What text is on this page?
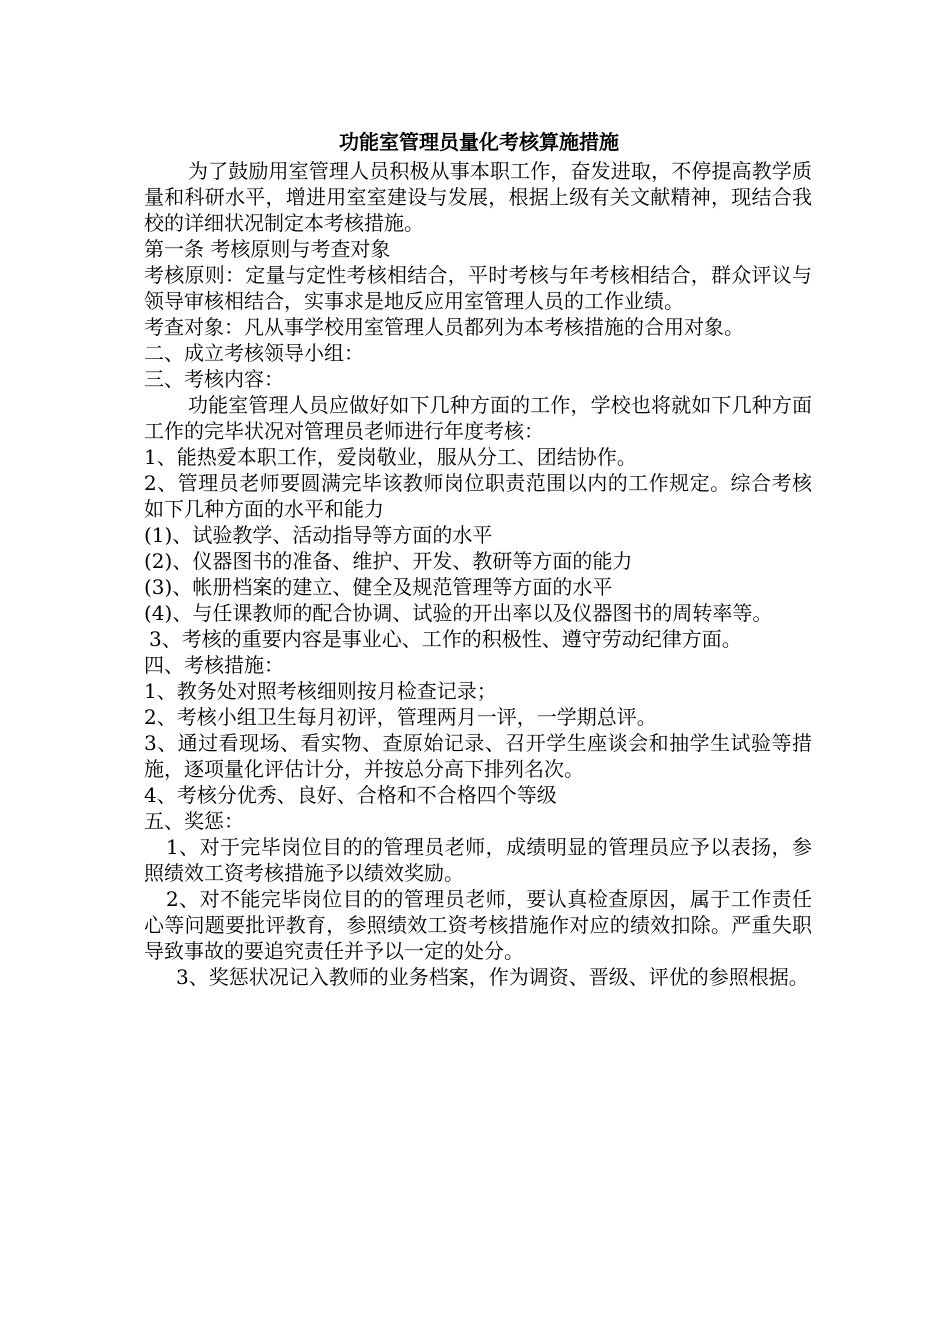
功能室管理员量化考核算施措施

为了鼓励用室管理人员积极从事本职工作，奋发进取，不停提高教学质量和科研水平，增进用室室建设与发展，根据上级有关文献精神，现结合我校的详细状况制定本考核措施。

第一条 考核原则与考查对象

考核原则：定量与定性考核相结合，平时考核与年考核相结合，群众评议与领导审核相结合，实事求是地反应用室管理人员的工作业绩。

考查对象：凡从事学校用室管理人员都列为本考核措施的合用对象。

二、成立考核领导小组：

三、考核内容：

功能室管理人员应做好如下几种方面的工作，学校也将就如下几种方面工作的完毕状况对管理员老师进行年度考核：

1、能热爱本职工作，爱岗敬业，服从分工、团结协作。

2、管理员老师要圆满完毕该教师岗位职责范围以内的工作规定。综合考核如下几种方面的水平和能力

(1)、试验教学、活动指导等方面的水平

(2)、仪器图书的准备、维护、开发、教研等方面的能力

(3)、帐册档案的建立、健全及规范管理等方面的水平

(4)、与任课教师的配合协调、试验的开出率以及仪器图书的周转率等。

3、考核的重要内容是事业心、工作的积极性、遵守劳动纪律方面。

四、考核措施：

1、教务处对照考核细则按月检查记录；

2、考核小组卫生每月初评，管理两月一评，一学期总评。

3、通过看现场、看实物、查原始记录、召开学生座谈会和抽学生试验等措施，逐项量化评估计分，并按总分高下排列名次。

4、考核分优秀、良好、合格和不合格四个等级

五、奖惩：

1、对于完毕岗位目的的管理员老师，成绩明显的管理员应予以表扬，参照绩效工资考核措施予以绩效奖励。

2、对不能完毕岗位目的的管理员老师，要认真检查原因，属于工作责任心等问题要批评教育，参照绩效工资考核措施作对应的绩效扣除。严重失职导致事故的要追究责任并予以一定的处分。

3、奖惩状况记入教师的业务档案，作为调资、晋级、评优的参照根据。
